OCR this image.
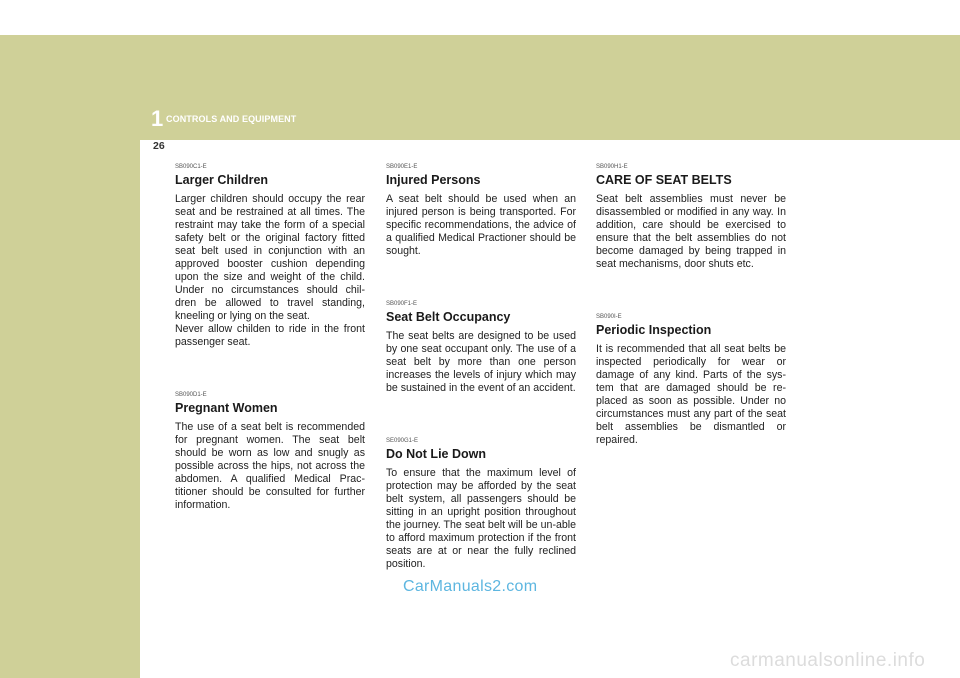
1 CONTROLS AND EQUIPMENT
26
SB090C1-E
Larger Children

Larger children should occupy the rear seat and be restrained at all times. The restraint may take the form of a special safety belt or the original factory fitted seat belt used in conjunction with an approved booster cushion depending upon the size and weight of the child. Under no circumstances should chil-dren be allowed to travel standing, kneeling or lying on the seat.

Never allow childen to ride in the front passenger seat.

SB090D1-E
Pregnant Women

The use of a seat belt is recommended for pregnant women. The seat belt should be worn as low and snugly as possible across the hips, not across the abdomen. A qualified Medical Prac-titioner should be consulted for further information.

SB090E1-E
Injured Persons

A seat belt should be used when an injured person is being transported. For specific recommendations, the advice of a qualified Medical Practioner should be sought.

SB090F1-E
Seat Belt Occupancy

The seat belts are designed to be used by one seat occupant only. The use of a seat belt by more than one person increases the levels of injury which may be sustained in the event of an accident.

SE090G1-E
Do Not Lie Down

To ensure that the maximum level of protection may be afforded by the seat belt system, all passengers should be sitting in an upright position throughout the journey. The seat belt will be un-able to afford maximum protection if the front seats are at or near the fully reclined position.

SB090H1-E
CARE OF SEAT BELTS

Seat belt assemblies must never be disassembled or modified in any way. In addition, care should be exercised to ensure that the belt assemblies do not become damaged by being trapped in seat mechanisms, door shuts etc.

SB090I-E
Periodic Inspection

It is recommended that all seat belts be inspected periodically for wear or damage of any kind. Parts of the sys-tem that are damaged should be re-placed as soon as possible. Under no circumstances must any part of the seat belt assemblies be dismantled or repaired.

CarManuals2.com
carmanualsonline.info
